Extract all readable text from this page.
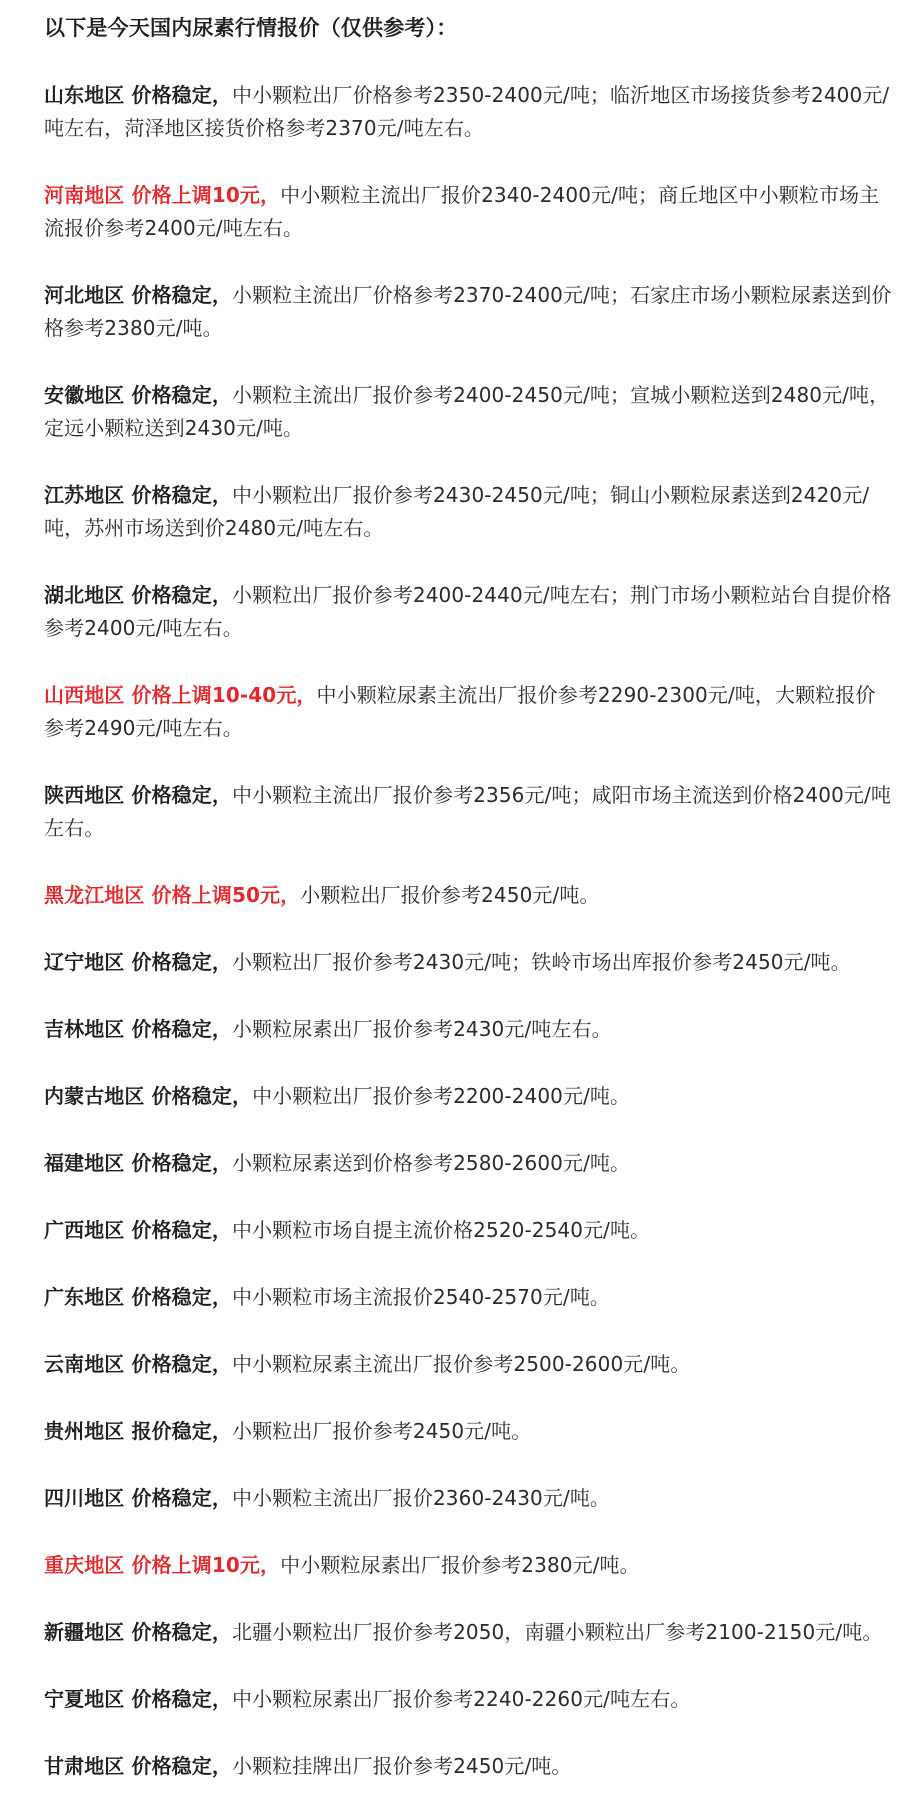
以下是今天国内尿素行情报价（仅供参考）：

山东地区 价格稳定，中小颗粒出厂价格参考2350-2400元/吨；临沂地区市场接货参考2400元/吨左右，菏泽地区接货价格参考2370元/吨左右。

河南地区 价格上调10元，中小颗粒主流出厂报价2340-2400元/吨；商丘地区中小颗粒市场主流报价参考2400元/吨左右。

河北地区 价格稳定，小颗粒主流出厂价格参考2370-2400元/吨；石家庄市场小颗粒尿素送到价格参考2380元/吨。

安徽地区 价格稳定，小颗粒主流出厂报价参考2400-2450元/吨；宣城小颗粒送到2480元/吨，定远小颗粒送到2430元/吨。

江苏地区 价格稳定，中小颗粒出厂报价参考2430-2450元/吨；铜山小颗粒尿素送到2420元/吨，苏州市场送到价2480元/吨左右。

湖北地区 价格稳定，小颗粒出厂报价参考2400-2440元/吨左右；荆门市场小颗粒站台自提价格参考2400元/吨左右。

山西地区 价格上调10-40元，中小颗粒尿素主流出厂报价参考2290-2300元/吨，大颗粒报价参考2490元/吨左右。

陕西地区 价格稳定，中小颗粒主流出厂报价参考2356元/吨；咸阳市场主流送到价格2400元/吨左右。

黑龙江地区 价格上调50元，小颗粒出厂报价参考2450元/吨。

辽宁地区 价格稳定，小颗粒出厂报价参考2430元/吨；铁岭市场出库报价参考2450元/吨。

吉林地区 价格稳定，小颗粒尿素出厂报价参考2430元/吨左右。

内蒙古地区 价格稳定，中小颗粒出厂报价参考2200-2400元/吨。

福建地区 价格稳定，小颗粒尿素送到价格参考2580-2600元/吨。

广西地区 价格稳定，中小颗粒市场自提主流价格2520-2540元/吨。

广东地区 价格稳定，中小颗粒市场主流报价2540-2570元/吨。

云南地区 价格稳定，中小颗粒尿素主流出厂报价参考2500-2600元/吨。

贵州地区 报价稳定，小颗粒出厂报价参考2450元/吨。

四川地区 价格稳定，中小颗粒主流出厂报价2360-2430元/吨。

重庆地区 价格上调10元，中小颗粒尿素出厂报价参考2380元/吨。

新疆地区 价格稳定，北疆小颗粒出厂报价参考2050，南疆小颗粒出厂参考2100-2150元/吨。

宁夏地区 价格稳定，中小颗粒尿素出厂报价参考2240-2260元/吨左右。

甘肃地区 价格稳定，小颗粒挂牌出厂报价参考2450元/吨。
